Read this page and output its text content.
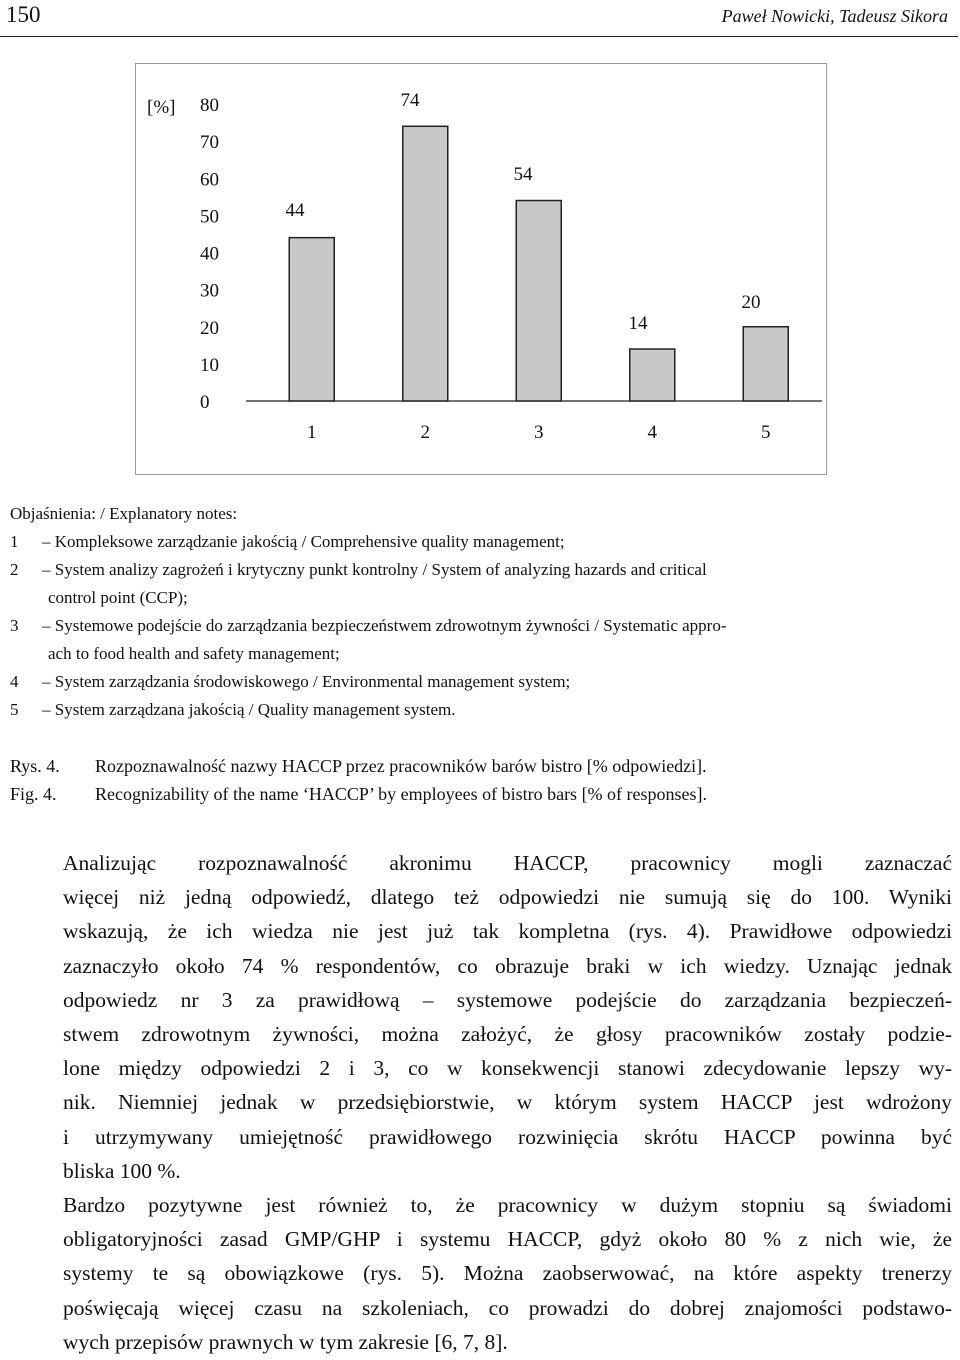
150	Paweł Nowicki, Tadeusz Sikora
[%] 80
70
60
50
40
30
20
10
0
1	2	3	4	5
44
74
54
14
20
Objaśnienia: / Explanatory notes:
1 – Kompleksowe zarządzanie jakością / Comprehensive quality management;
2 – System analizy zagrożeń i krytyczny punkt kontrolny / System of analyzing hazards and critical
control point (CCP);
3 – Systemowe podejście do zarządzania bezpieczeństwem zdrowotnym żywności / Systematic appro-
ach to food health and safety management;
4 – System zarządzania środowiskowego / Environmental management system;
5 – System zarządzana jakością / Quality management system.
Rys. 4. Rozpoznawalność nazwy HACCP przez pracowników barów bistro [% odpowiedzi].
Fig. 4. Recognizability of the name ‘HACCP’ by employees of bistro bars [% of responses].

Analizując rozpoznawalność akronimu HACCP, pracownicy mogli zaznaczać
więcej niż jedną odpowiedź, dlatego też odpowiedzi nie sumują się do 100. Wyniki
wskazują, że ich wiedza nie jest już tak kompletna (rys. 4). Prawidłowe odpowiedzi
zaznaczyło około 74 % respondentów, co obrazuje braki w ich wiedzy. Uznając jednak
odpowiedz nr 3 za prawidłową – systemowe podejście do zarządzania bezpieczeń-
stwem zdrowotnym żywności, można założyć, że głosy pracowników zostały podzie-
lone między odpowiedzi 2 i 3, co w konsekwencji stanowi zdecydowanie lepszy wy-
nik. Niemniej jednak w przedsiębiorstwie, w którym system HACCP jest wdrożony
i utrzymywany umiejętność prawidłowego rozwinięcia skrótu HACCP powinna być
bliska 100 %.

Bardzo pozytywne jest również to, że pracownicy w dużym stopniu są świadomi
obligatoryjności zasad GMP/GHP i systemu HACCP, gdyż około 80 % z nich wie, że
systemy te są obowiązkowe (rys. 5). Można zaobserwować, na które aspekty trenerzy
poświęcają więcej czasu na szkoleniach, co prowadzi do dobrej znajomości podstawo-
wych przepisów prawnych w tym zakresie [6, 7, 8].
